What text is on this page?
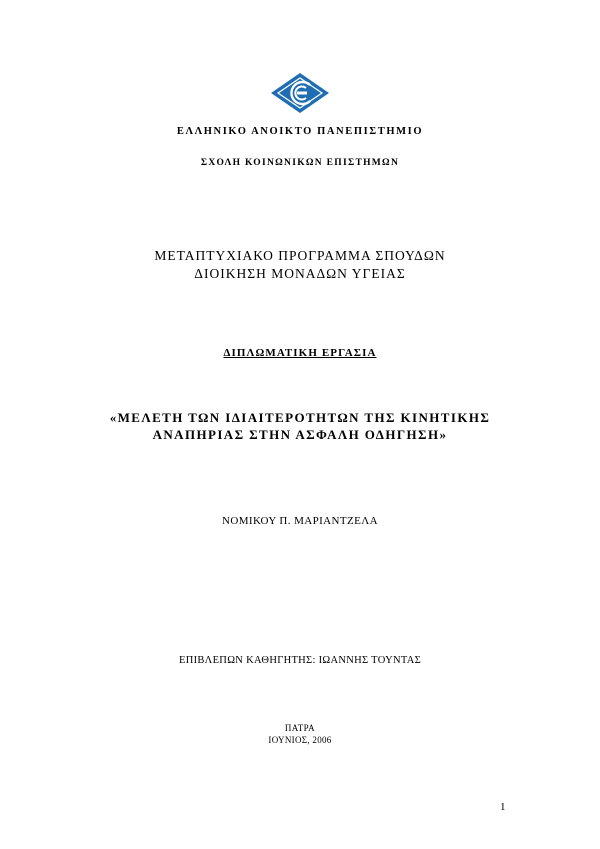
ΕΛΛΗΝΙΚΟ ΑΝΟΙΚΤΟ ΠΑΝΕΠΙΣΤΗΜΙΟ
ΣΧΟΛΗ ΚΟΙΝΩΝΙΚΩΝ ΕΠΙΣΤΗΜΩΝ
ΜΕΤΑΠΤΥΧΙΑΚΟ ΠΡΟΓΡΑΜΜΑ ΣΠΟΥΔΩΝ
ΔΙΟΙΚΗΣΗ ΜΟΝΑΔΩΝ ΥΓΕΙΑΣ
ΔΙΠΛΩΜΑΤΙΚΗ ΕΡΓΑΣΙΑ
«ΜΕΛΕΤΗ ΤΩΝ ΙΔΙΑΙΤΕΡΟΤΗΤΩΝ ΤΗΣ ΚΙΝΗΤΙΚΗΣ
ΑΝΑΠΗΡΙΑΣ ΣΤΗΝ ΑΣΦΑΛΗ ΟΔΗΓΗΣΗ»
ΝΟΜΙΚΟΥ Π. ΜΑΡΙΑΝΤΖΕΛΑ
ΕΠΙΒΛΕΠΩΝ ΚΑΘΗΓΗΤΗΣ: ΙΩΑΝΝΗΣ ΤΟΥΝΤΑΣ
ΠΑΤΡΑ
ΙΟΥΝΙΟΣ, 2006
1
